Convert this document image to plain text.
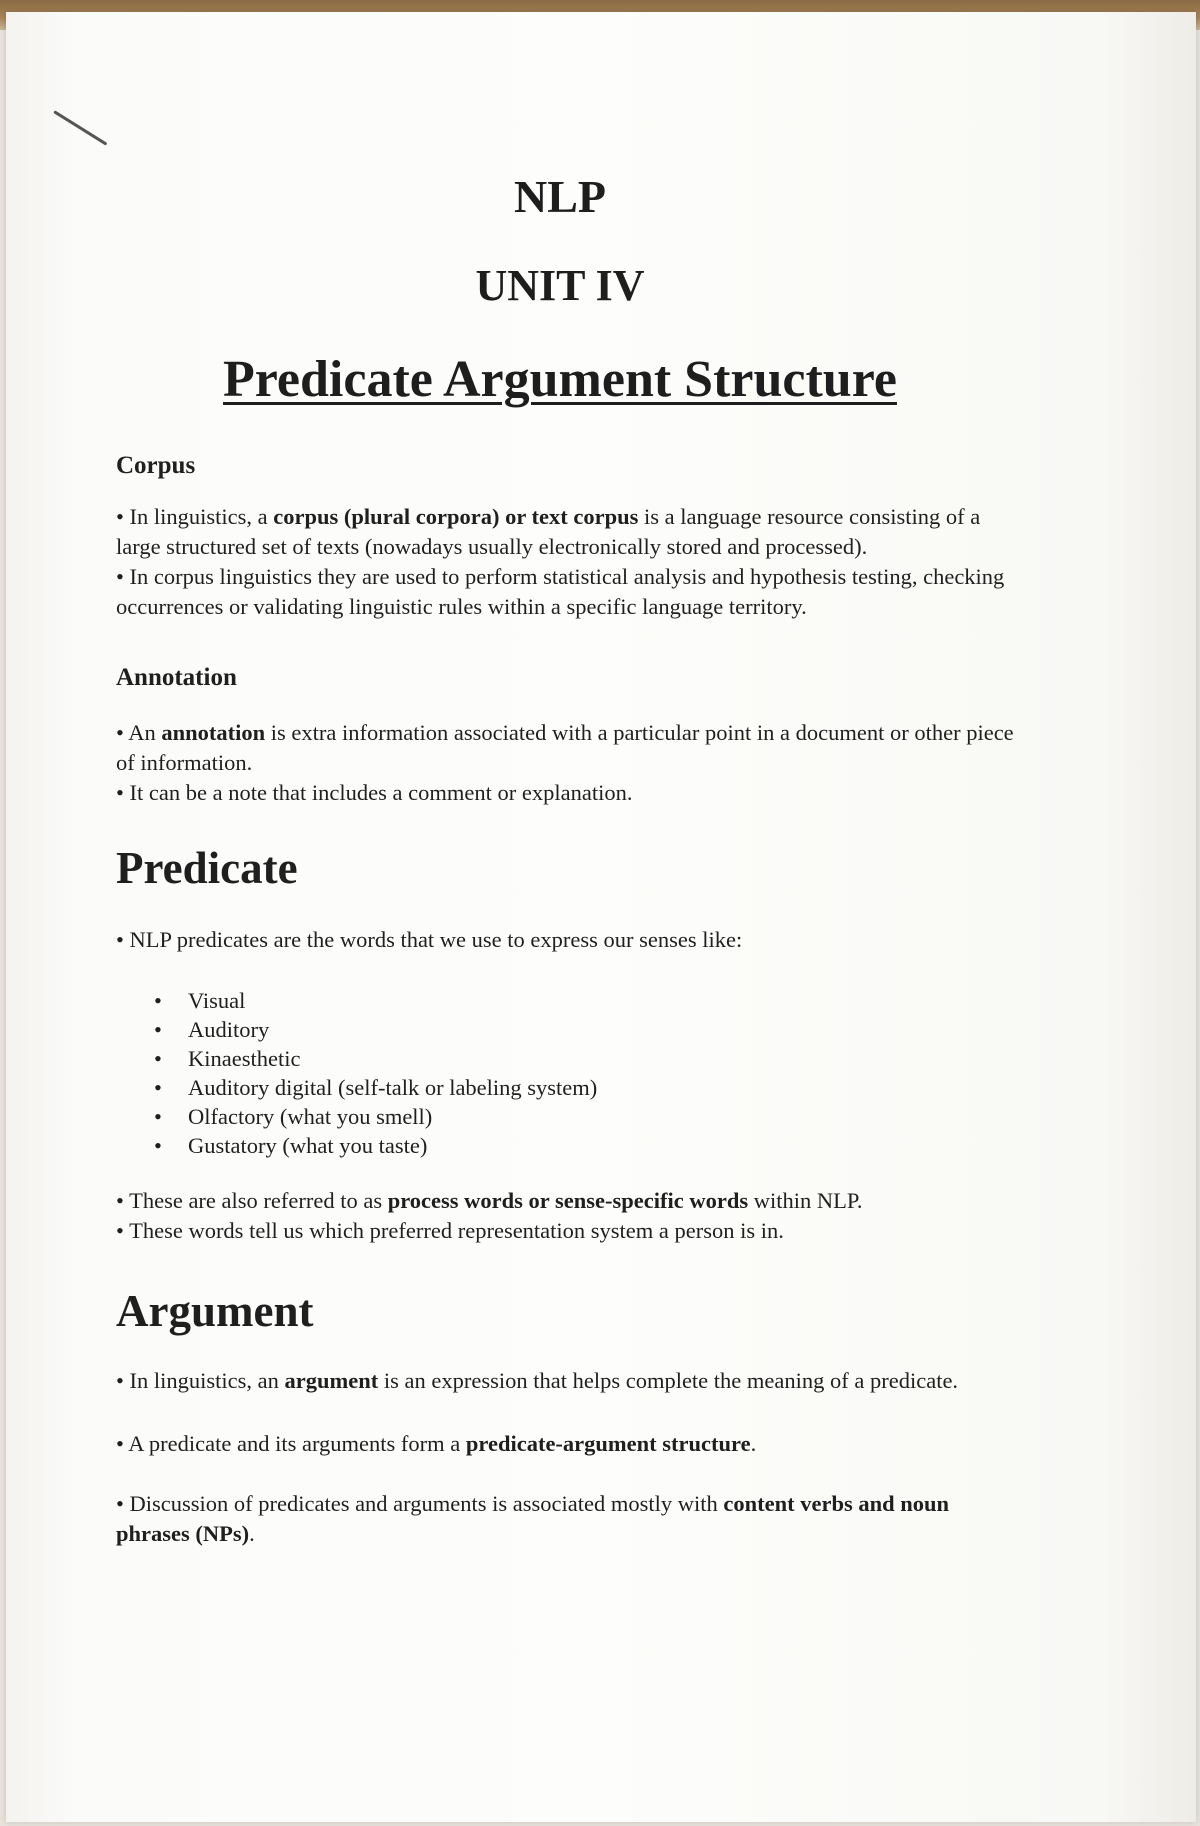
NLP
UNIT IV
Predicate Argument Structure

Corpus

• In linguistics, a corpus (plural corpora) or text corpus is a language resource consisting of a large structured set of texts (nowadays usually electronically stored and processed).

• In corpus linguistics they are used to perform statistical analysis and hypothesis testing, checking occurrences or validating linguistic rules within a specific language territory.

Annotation

• An annotation is extra information associated with a particular point in a document or other piece of information.

• It can be a note that includes a comment or explanation.

Predicate

• NLP predicates are the words that we use to express our senses like:

• Visual
• Auditory
• Kinaesthetic
• Auditory digital (self-talk or labeling system)
• Olfactory (what you smell)
• Gustatory (what you taste)

• These are also referred to as process words or sense-specific words within NLP.

• These words tell us which preferred representation system a person is in.

Argument

• In linguistics, an argument is an expression that helps complete the meaning of a predicate.

• A predicate and its arguments form a predicate-argument structure.

• Discussion of predicates and arguments is associated mostly with content verbs and noun phrases (NPs).
